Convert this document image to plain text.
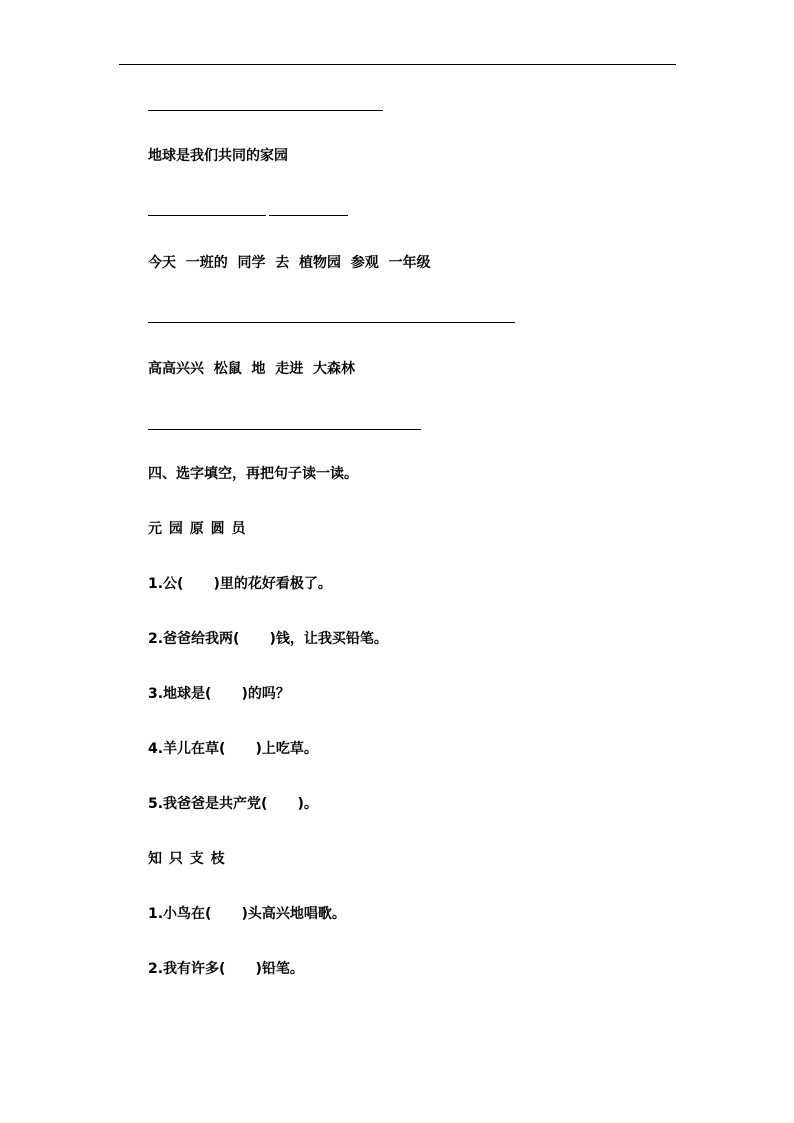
地球是我们共同的家园
今天  一班的  同学  去  植物园  参观  一年级
高高兴兴  松鼠  地  走进  大森林
四、选字填空，再把句子读一读。
元 园 原 圆 员
1.公( )里的花好看极了。
2.爸爸给我两( )钱，让我买铅笔。
3.地球是( )的吗？
4.羊儿在草( )上吃草。
5.我爸爸是共产党( )。
知 只 支 枝
1.小鸟在( )头高兴地唱歌。
2.我有许多( )铅笔。
